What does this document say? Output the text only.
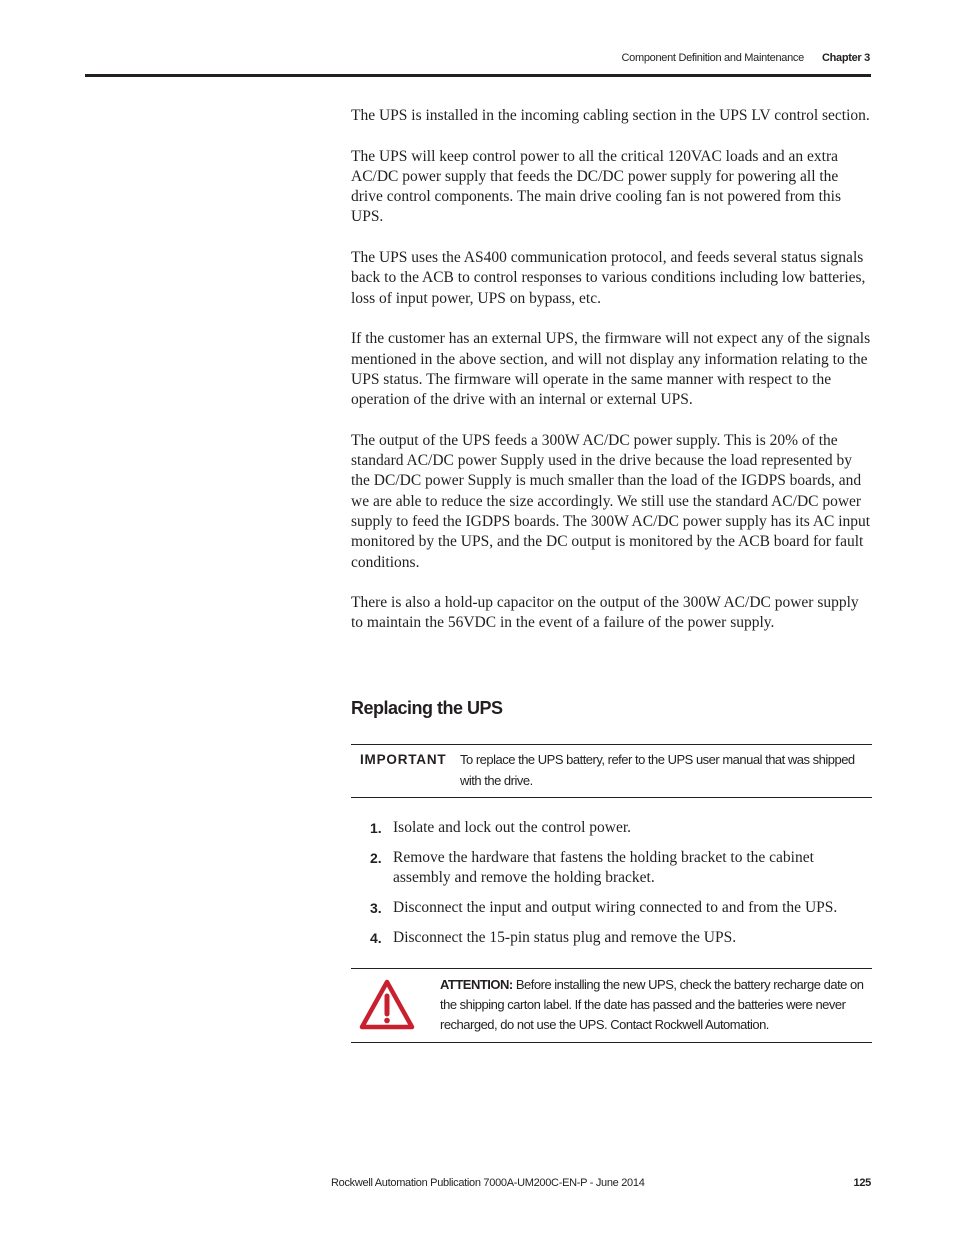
Component Definition and Maintenance Chapter 3

The UPS is installed in the incoming cabling section in the UPS LV control section.

The UPS will keep control power to all the critical 120VAC loads and an extra AC/DC power supply that feeds the DC/DC power supply for powering all the drive control components. The main drive cooling fan is not powered from this UPS.

The UPS uses the AS400 communication protocol, and feeds several status signals back to the ACB to control responses to various conditions including low batteries, loss of input power, UPS on bypass, etc.

If the customer has an external UPS, the firmware will not expect any of the signals mentioned in the above section, and will not display any information relating to the UPS status. The firmware will operate in the same manner with respect to the operation of the drive with an internal or external UPS.

The output of the UPS feeds a 300W AC/DC power supply. This is 20% of the standard AC/DC power Supply used in the drive because the load represented by the DC/DC power Supply is much smaller than the load of the IGDPS boards, and we are able to reduce the size accordingly. We still use the standard AC/DC power supply to feed the IGDPS boards. The 300W AC/DC power supply has its AC input monitored by the UPS, and the DC output is monitored by the ACB board for fault conditions.

There is also a hold-up capacitor on the output of the 300W AC/DC power supply to maintain the 56VDC in the event of a failure of the power supply.

Replacing the UPS
IMPORTANT To replace the UPS battery, refer to the UPS user manual that was shipped with the drive.
1. Isolate and lock out the control power.
2. Remove the hardware that fastens the holding bracket to the cabinet assembly and remove the holding bracket.
3. Disconnect the input and output wiring connected to and from the UPS.
4. Disconnect the 15-pin status plug and remove the UPS.
ATTENTION: Before installing the new UPS, check the battery recharge date on the shipping carton label. If the date has passed and the batteries were never recharged, do not use the UPS. Contact Rockwell Automation.
Rockwell Automation Publication 7000A-UM200C-EN-P - June 2014	125
